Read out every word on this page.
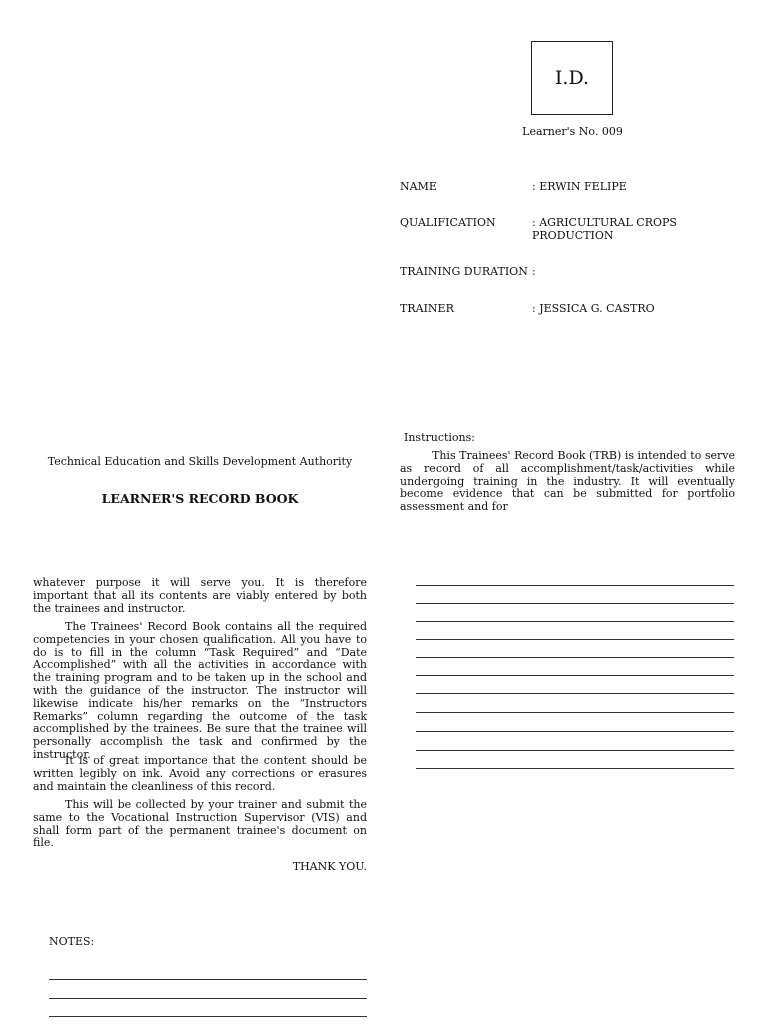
I.D.
Learner's No. 009
NAME	: ERWIN FELIPE
QUALIFICATION	: AGRICULTURAL CROPS PRODUCTION
TRAINING DURATION :
TRAINER	: JESSICA G. CASTRO
Technical Education and Skills Development Authority
LEARNER'S RECORD BOOK
Instructions:
This Trainees' Record Book (TRB) is intended to serve as record of all accomplishment/task/activities while undergoing training in the industry. It will eventually become evidence that can be submitted for portfolio assessment and for
whatever purpose it will serve you. It is therefore important that all its contents are viably entered by both the trainees and instructor.
The Trainees' Record Book contains all the required competencies in your chosen qualification. All you have to do is to fill in the column “Task Required” and “Date Accomplished” with all the activities in accordance with the training program and to be taken up in the school and with the guidance of the instructor. The instructor will likewise indicate his/her remarks on the “Instructors Remarks” column regarding the outcome of the task accomplished by the trainees. Be sure that the trainee will personally accomplish the task and confirmed by the instructor.
It is of great importance that the content should be written legibly on ink. Avoid any corrections or erasures and maintain the cleanliness of this record.
This will be collected by your trainer and submit the same to the Vocational Instruction Supervisor (VIS) and shall form part of the permanent trainee's document on file.
THANK YOU.
NOTES:
